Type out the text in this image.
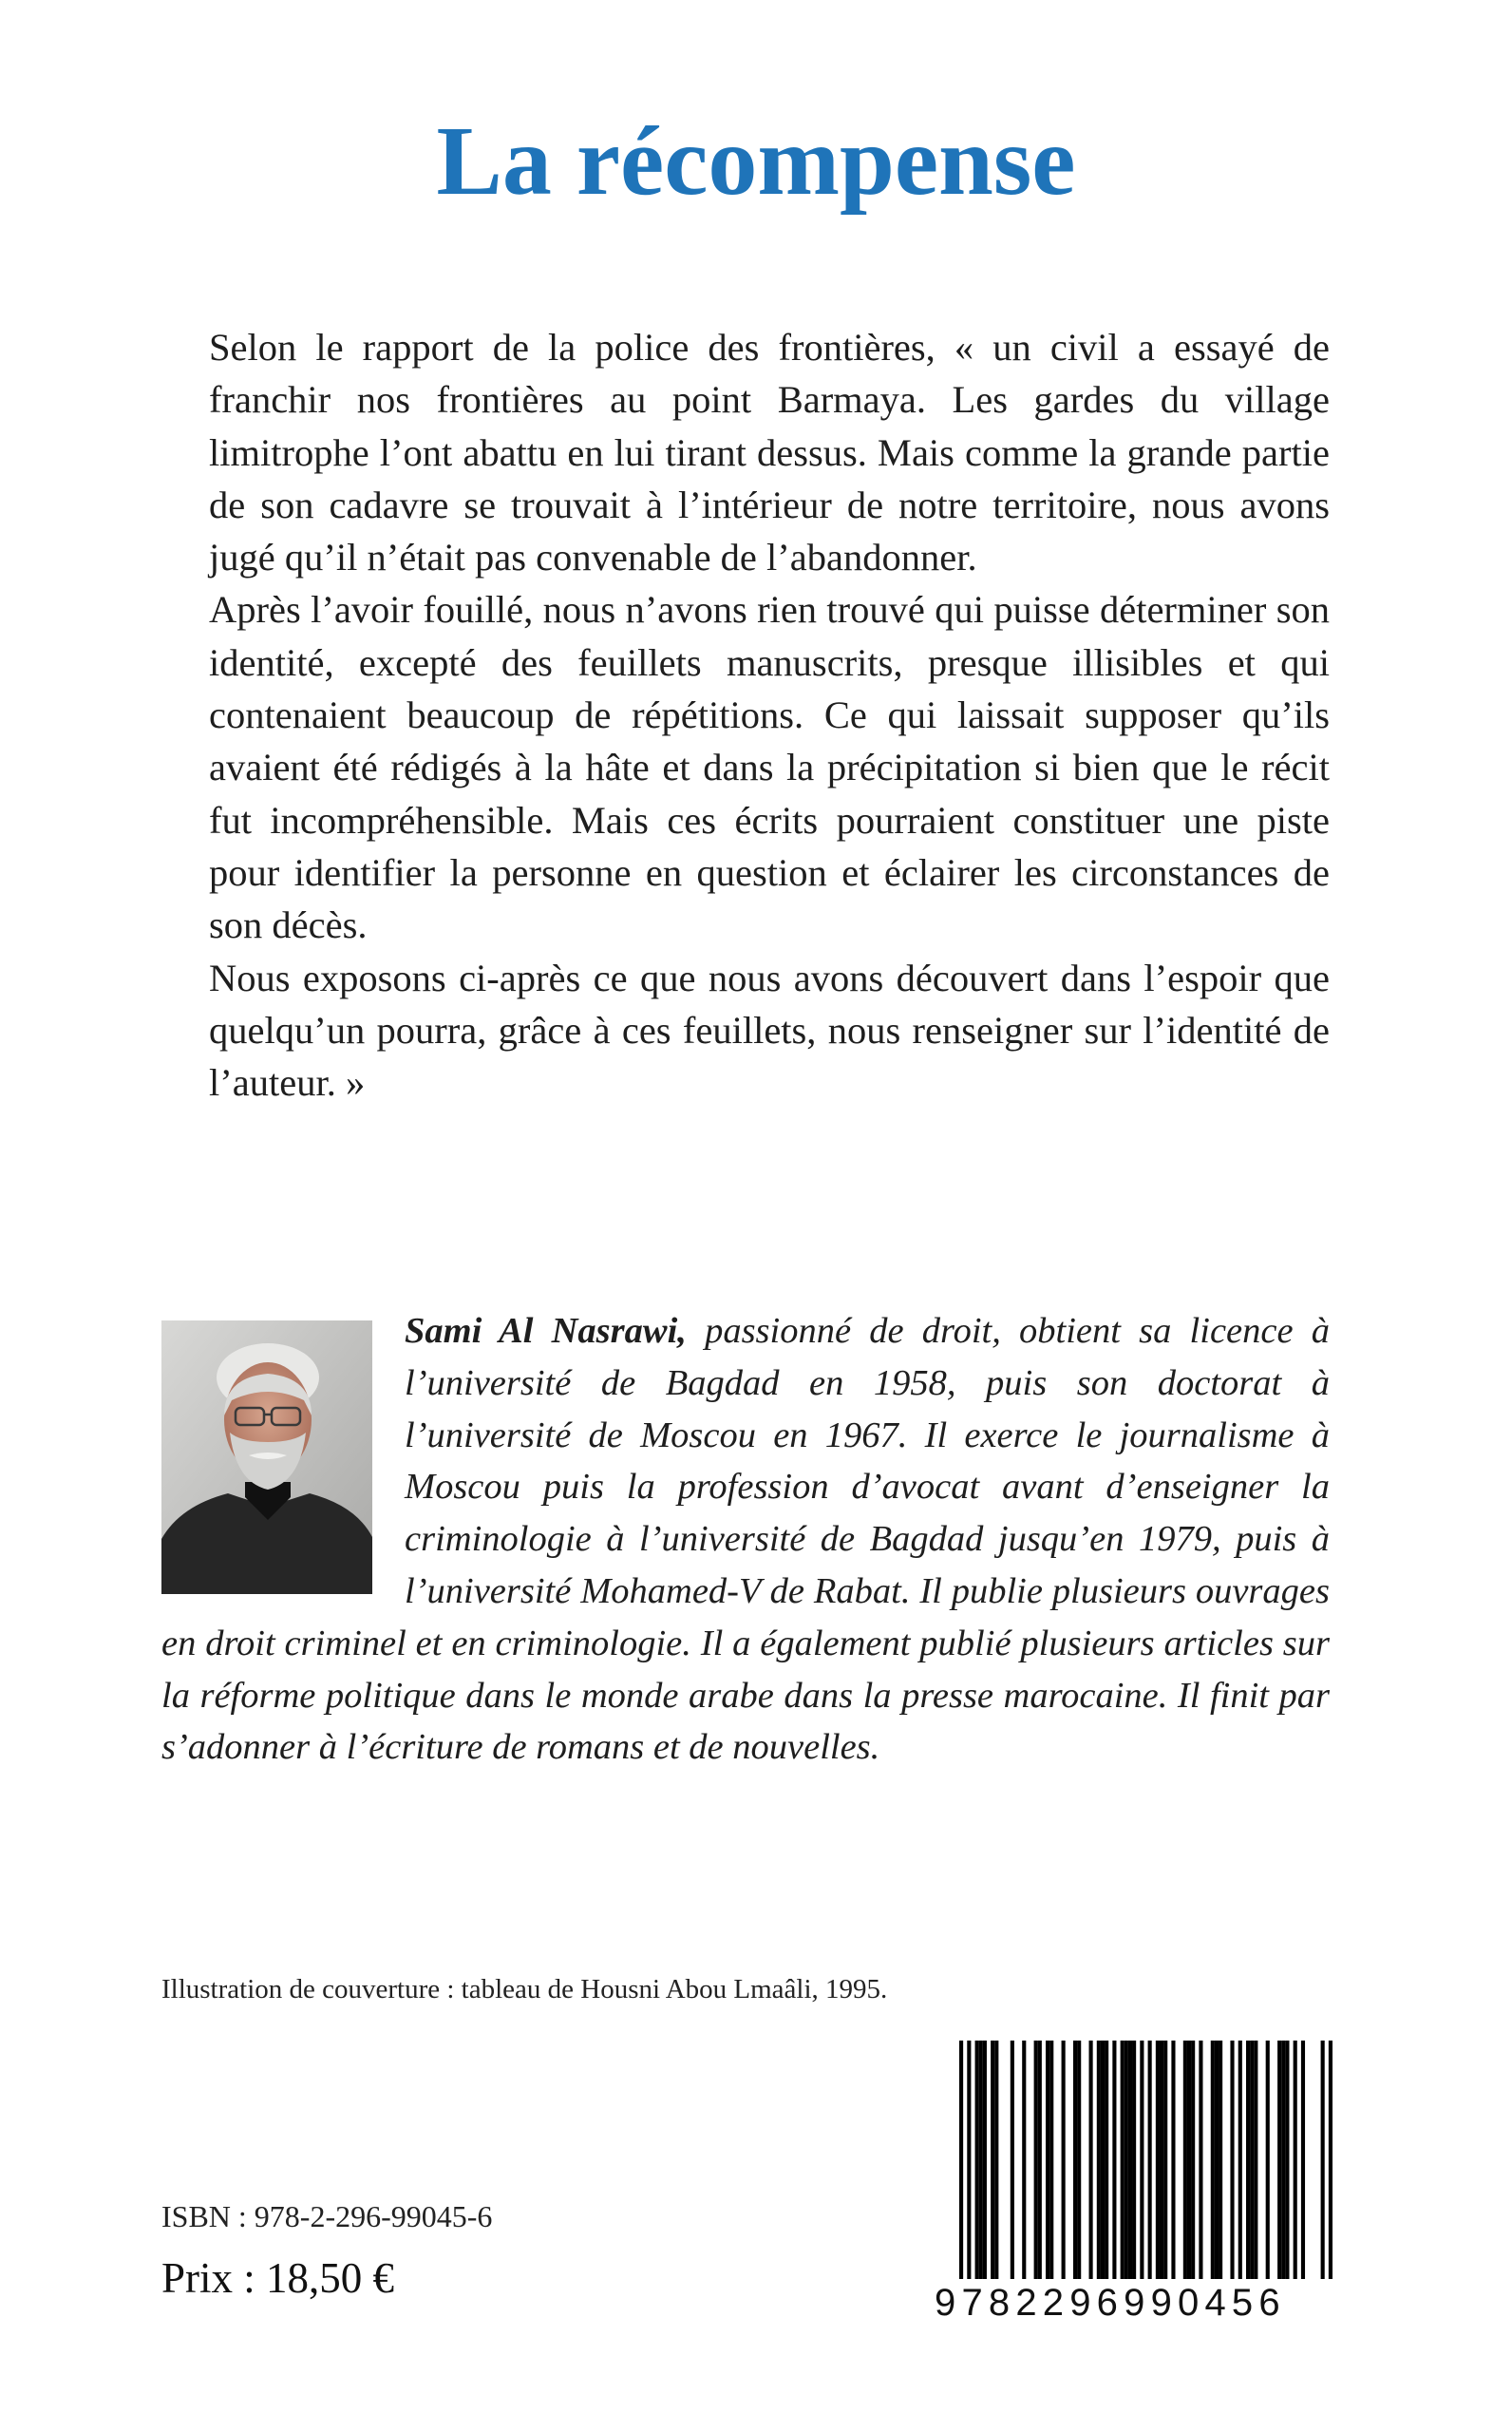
La récompense

Selon le rapport de la police des frontières, « un civil a essayé de franchir nos frontières au point Barmaya. Les gardes du village limitrophe l’ont abattu en lui tirant dessus. Mais comme la grande partie de son cadavre se trouvait à l’intérieur de notre territoire, nous avons jugé qu’il n’était pas convenable de l’abandonner.

Après l’avoir fouillé, nous n’avons rien trouvé qui puisse déterminer son identité, excepté des feuillets manuscrits, presque illisibles et qui contenaient beaucoup de répétitions. Ce qui laissait supposer qu’ils avaient été rédigés à la hâte et dans la précipitation si bien que le récit fut incompréhensible. Mais ces écrits pourraient constituer une piste pour identifier la personne en question et éclairer les circonstances de son décès.

Nous exposons ci-après ce que nous avons découvert dans l’espoir que quelqu’un pourra, grâce à ces feuillets, nous renseigner sur l’identité de l’auteur. »

Sami Al Nasrawi, passionné de droit, obtient sa licence à l’université de Bagdad en 1958, puis son doctorat à l’université de Moscou en 1967. Il exerce le journalisme à Moscou puis la profession d’avocat avant d’enseigner la criminologie à l’université de Bagdad jusqu’en 1979, puis à l’université Mohamed-V de Rabat. Il publie plusieurs ouvrages en droit criminel et en criminologie. Il a également publié plusieurs articles sur la réforme politique dans le monde arabe dans la presse marocaine. Il finit par s’adonner à l’écriture de romans et de nouvelles.

Illustration de couverture : tableau de Housni Abou Lmaâli, 1995.

9782296990456

ISBN : 978-2-296-99045-6

Prix : 18,50 €
